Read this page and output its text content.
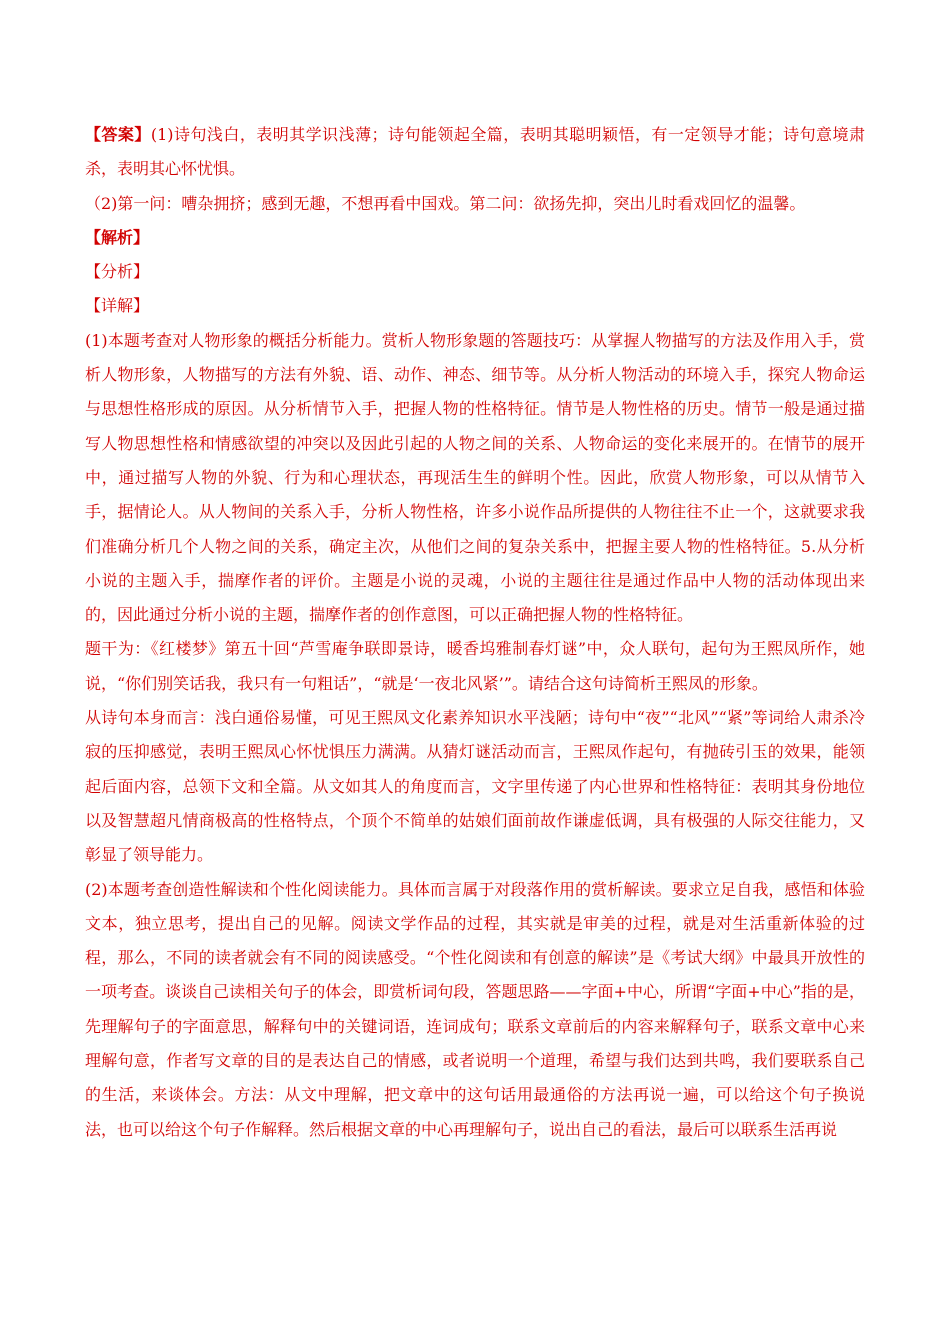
【答案】(1)诗句浅白，表明其学识浅薄；诗句能领起全篇，表明其聪明颖悟，有一定领导才能；诗句意境肃杀，表明其心怀忧惧。

（2)第一问：嘈杂拥挤；感到无趣，不想再看中国戏。第二问：欲扬先抑，突出儿时看戏回忆的温馨。

【解析】

【分析】

【详解】

(1)本题考查对人物形象的概括分析能力。赏析人物形象题的答题技巧：从掌握人物描写的方法及作用入手，赏析人物形象，人物描写的方法有外貌、语、动作、神态、细节等。从分析人物活动的环境入手，探究人物命运与思想性格形成的原因。从分析情节入手，把握人物的性格特征。情节是人物性格的历史。情节一般是通过描写人物思想性格和情感欲望的冲突以及因此引起的人物之间的关系、人物命运的变化来展开的。在情节的展开中，通过描写人物的外貌、行为和心理状态，再现活生生的鲜明个性。因此，欣赏人物形象，可以从情节入手，据情论人。从人物间的关系入手，分析人物性格，许多小说作品所提供的人物往往不止一个，这就要求我们准确分析几个人物之间的关系，确定主次，从他们之间的复杂关系中，把握主要人物的性格特征。5.从分析小说的主题入手，揣摩作者的评价。主题是小说的灵魂，小说的主题往往是通过作品中人物的活动体现出来的，因此通过分析小说的主题，揣摩作者的创作意图，可以正确把握人物的性格特征。

题干为：《红楼梦》第五十回“芦雪庵争联即景诗，暖香坞雅制春灯谜”中，众人联句，起句为王熙凤所作，她说，“你们别笑话我，我只有一句粗话”，“就是‘一夜北风紧’”。请结合这句诗简析王熙凤的形象。

从诗句本身而言：浅白通俗易懂，可见王熙凤文化素养知识水平浅陋；诗句中“夜”“北风”“紧”等词给人肃杀冷寂的压抑感觉，表明王熙凤心怀忧惧压力满满。从猜灯谜活动而言，王熙凤作起句，有抛砖引玉的效果，能领起后面内容，总领下文和全篇。从文如其人的角度而言，文字里传递了内心世界和性格特征：表明其身份地位以及智慧超凡情商极高的性格特点，个顶个不简单的姑娘们面前故作谦虚低调，具有极强的人际交往能力，又彰显了领导能力。

(2)本题考查创造性解读和个性化阅读能力。具体而言属于对段落作用的赏析解读。要求立足自我，感悟和体验文本，独立思考，提出自己的见解。阅读文学作品的过程，其实就是审美的过程，就是对生活重新体验的过程，那么，不同的读者就会有不同的阅读感受。“个性化阅读和有创意的解读”是《考试大纲》中最具开放性的一项考查。谈谈自己读相关句子的体会，即赏析词句段，答题思路——字面+中心，所谓“字面+中心”指的是，先理解句子的字面意思，解释句中的关键词语，连词成句；联系文章前后的内容来解释句子，联系文章中心来理解句意，作者写文章的目的是表达自己的情感，或者说明一个道理，希望与我们达到共鸣，我们要联系自己的生活，来谈体会。方法：从文中理解，把文章中的这句话用最通俗的方法再说一遍，可以给这个句子换说法，也可以给这个句子作解释。然后根据文章的中心再理解句子，说出自己的看法，最后可以联系生活再说
